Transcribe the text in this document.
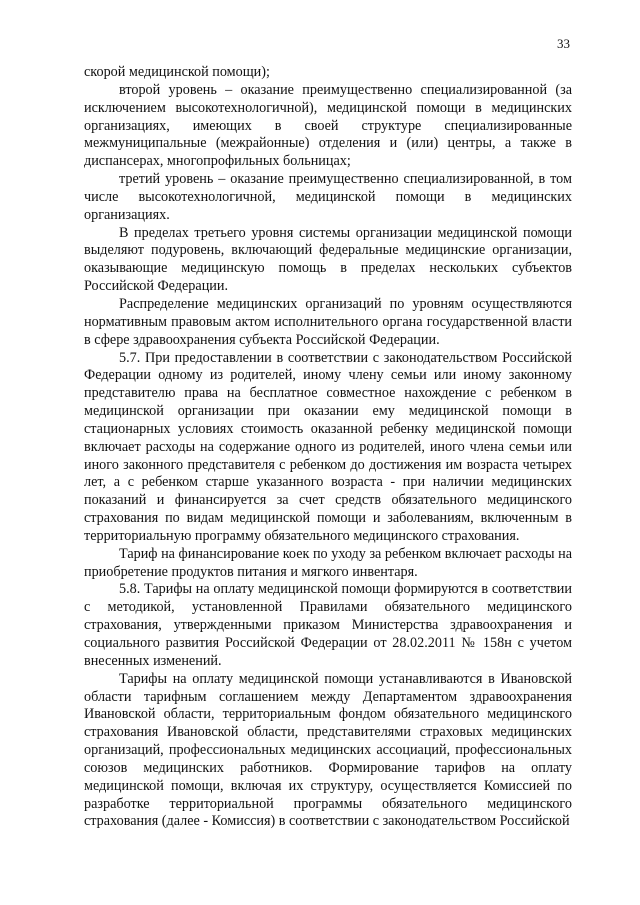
33

скорой медицинской помощи);

второй уровень – оказание преимущественно специализированной (за исключением высокотехнологичной), медицинской помощи в медицинских организациях, имеющих в своей структуре специализированные межмуниципальные (межрайонные) отделения и (или) центры, а также в диспансерах, многопрофильных больницах;

третий уровень – оказание преимущественно специализированной, в том числе высокотехнологичной, медицинской помощи в медицинских организациях.

В пределах третьего уровня системы организации медицинской помощи выделяют подуровень, включающий федеральные медицинские организации, оказывающие медицинскую помощь в пределах нескольких субъектов Российской Федерации.

Распределение медицинских организаций по уровням осуществляются нормативным правовым актом исполнительного органа государственной власти в сфере здравоохранения субъекта Российской Федерации.

5.7. При предоставлении в соответствии с законодательством Российской Федерации одному из родителей, иному члену семьи или иному законному представителю права на бесплатное совместное нахождение с ребенком в медицинской организации при оказании ему медицинской помощи в стационарных условиях стоимость оказанной ребенку медицинской помощи включает расходы на содержание одного из родителей, иного члена семьи или иного законного представителя с ребенком до достижения им возраста четырех лет, а с ребенком старше указанного возраста - при наличии медицинских показаний и финансируется за счет средств обязательного медицинского страхования по видам медицинской помощи и заболеваниям, включенным в территориальную программу обязательного медицинского страхования.

Тариф на финансирование коек по уходу за ребенком включает расходы на приобретение продуктов питания и мягкого инвентаря.

5.8. Тарифы на оплату медицинской помощи формируются в соответствии с методикой, установленной Правилами обязательного медицинского страхования, утвержденными приказом Министерства здравоохранения и социального развития Российской Федерации от 28.02.2011 № 158н с учетом внесенных изменений.

Тарифы на оплату медицинской помощи устанавливаются в Ивановской области тарифным соглашением между Департаментом здравоохранения Ивановской области, территориальным фондом обязательного медицинского страхования Ивановской области, представителями страховых медицинских организаций, профессиональных медицинских ассоциаций, профессиональных союзов медицинских работников. Формирование тарифов на оплату медицинской помощи, включая их структуру, осуществляется Комиссией по разработке территориальной программы обязательного медицинского страхования (далее - Комиссия) в соответствии с законодательством Российской
